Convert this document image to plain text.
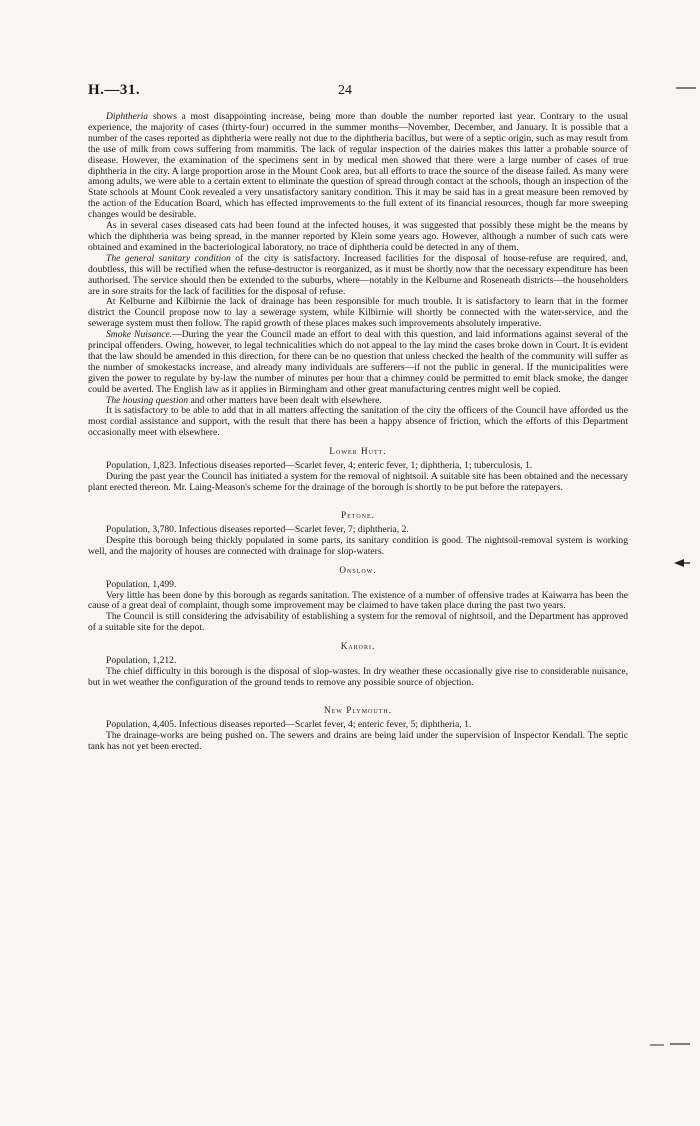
H.—31.	24

Diphtheria shows a most disappointing increase, being more than double the number reported last year. Contrary to the usual experience, the majority of cases (thirty-four) occurred in the summer months—November, December, and January. It is possible that a number of the cases reported as diphtheria were really not due to the diphtheria bacillus, but were of a septic origin, such as may result from the use of milk from cows suffering from mammitis. The lack of regular inspection of the dairies makes this latter a probable source of disease. However, the examination of the specimens sent in by medical men showed that there were a large number of cases of true diphtheria in the city. A large proportion arose in the Mount Cook area, but all efforts to trace the source of the disease failed. As many were among adults, we were able to a certain extent to eliminate the question of spread through contact at the schools, though an inspection of the State schools at Mount Cook revealed a very unsatisfactory sanitary condition. This it may be said has in a great measure been removed by the action of the Education Board, which has effected improvements to the full extent of its financial resources, though far more sweeping changes would be desirable.

As in several cases diseased cats had been found at the infected houses, it was suggested that possibly these might be the means by which the diphtheria was being spread, in the manner reported by Klein some years ago. However, although a number of such cats were obtained and examined in the bacteriological laboratory, no trace of diphtheria could be detected in any of them.

The general sanitary condition of the city is satisfactory. Increased facilities for the disposal of house-refuse are required, and, doubtless, this will be rectified when the refuse-destructor is reorganized, as it must be shortly now that the necessary expenditure has been authorised. The service should then be extended to the suburbs, where—notably in the Kelburne and Roseneath districts—the householders are in sore straits for the lack of facilities for the disposal of refuse.

At Kelburne and Kilbirnie the lack of drainage has been responsible for much trouble. It is satisfactory to learn that in the former district the Council propose now to lay a sewerage system, while Kilbirnie will shortly be connected with the water-service, and the sewerage system must then follow. The rapid growth of these places makes such improvements absolutely imperative.

Smoke Nuisance.—During the year the Council made an effort to deal with this question, and laid informations against several of the principal offenders. Owing, however, to legal technicalities which do not appeal to the lay mind the cases broke down in Court. It is evident that the law should be amended in this direction, for there can be no question that unless checked the health of the community will suffer as the number of smokestacks increase, and already many individuals are sufferers—if not the public in general. If the municipalities were given the power to regulate by by-law the number of minutes per hour that a chimney could be permitted to emit black smoke, the danger could be averted. The English law as it applies in Birmingham and other great manufacturing centres might well be copied.

The housing question and other matters have been dealt with elsewhere.

It is satisfactory to be able to add that in all matters affecting the sanitation of the city the officers of the Council have afforded us the most cordial assistance and support, with the result that there has been a happy absence of friction, which the efforts of this Department occasionally meet with elsewhere.

Lower Hutt.

Population, 1,823. Infectious diseases reported—Scarlet fever, 4; enteric fever, 1; diphtheria, 1; tuberculosis, 1.

During the past year the Council has initiated a system for the removal of nightsoil. A suitable site has been obtained and the necessary plant erected thereon. Mr. Laing-Meason's scheme for the drainage of the borough is shortly to be put before the ratepayers.

Petone.

Population, 3,780. Infectious diseases reported—Scarlet fever, 7; diphtheria, 2.

Despite this borough being thickly populated in some parts, its sanitary condition is good. The nightsoil-removal system is working well, and the majority of houses are connected with drainage for slop-waters.

Onslow.

Population, 1,499.

Very little has been done by this borough as regards sanitation. The existence of a number of offensive trades at Kaiwarra has been the cause of a great deal of complaint, though some improvement may be claimed to have taken place during the past two years.

The Council is still considering the advisability of establishing a system for the removal of nightsoil, and the Department has approved of a suitable site for the depot.

Karori.

Population, 1,212.

The chief difficulty in this borough is the disposal of slop-wastes. In dry weather these occasionally give rise to considerable nuisance, but in wet weather the configuration of the ground tends to remove any possible source of objection.

New Plymouth.

Population, 4,405. Infectious diseases reported—Scarlet fever, 4; enteric fever, 5; diphtheria, 1.

The drainage-works are being pushed on. The sewers and drains are being laid under the supervision of Inspector Kendall. The septic tank has not yet been erected.
